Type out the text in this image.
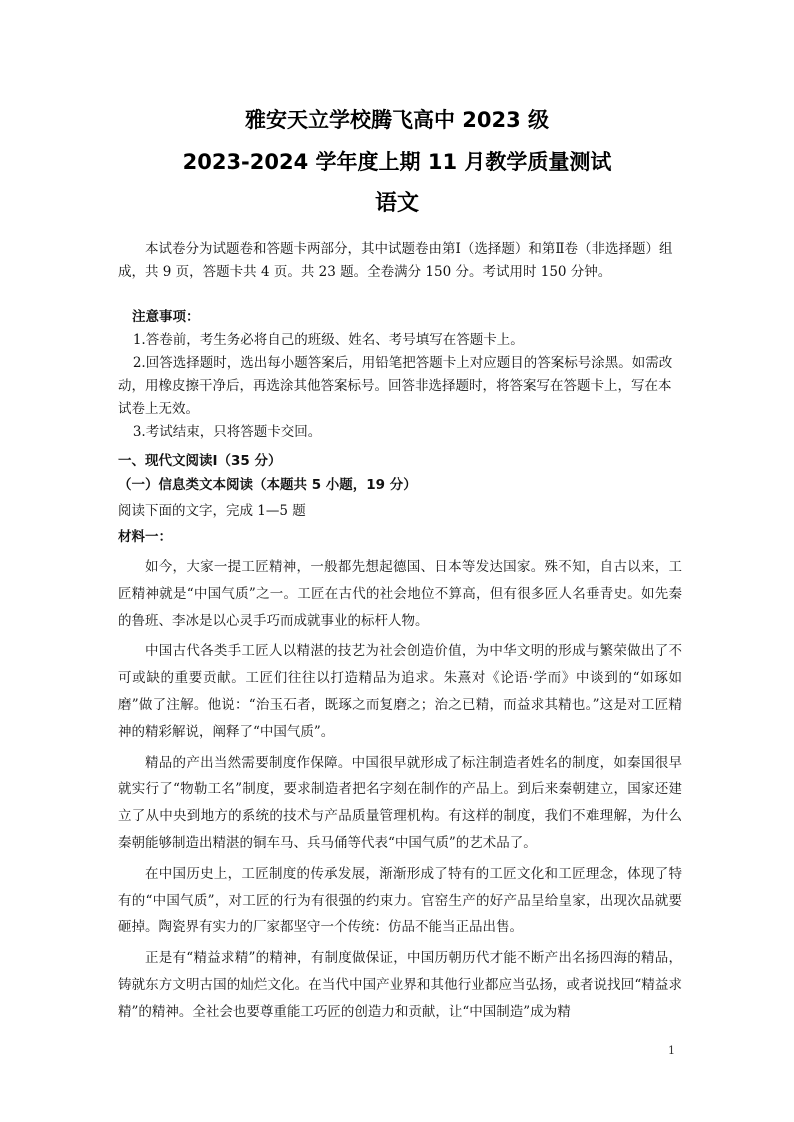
雅安天立学校腾飞高中 2023 级
2023-2024 学年度上期 11 月教学质量测试
语文

本试卷分为试题卷和答题卡两部分，其中试题卷由第Ⅰ（选择题）和第Ⅱ卷（非选择题）组成，共 9 页，答题卡共 4 页。共 23 题。全卷满分 150 分。考试用时 150 分钟。

注意事项：

1.答卷前，考生务必将自己的班级、姓名、考号填写在答题卡上。
2.回答选择题时，选出每小题答案后，用铅笔把答题卡上对应题目的答案标号涂黑。如需改动，用橡皮擦干净后，再选涂其他答案标号。回答非选择题时，将答案写在答题卡上，写在本试卷上无效。
3.考试结束，只将答题卡交回。

一、现代文阅读Ⅰ（35 分）

（一）信息类文本阅读（本题共 5 小题，19 分）

阅读下面的文字，完成 1—5 题

材料一：

如今，大家一提工匠精神，一般都先想起德国、日本等发达国家。殊不知，自古以来，工匠精神就是“中国气质”之一。工匠在古代的社会地位不算高，但有很多匠人名垂青史。如先秦的鲁班、李冰是以心灵手巧而成就事业的标杆人物。

中国古代各类手工匠人以精湛的技艺为社会创造价值，为中华文明的形成与繁荣做出了不可或缺的重要贡献。工匠们往往以打造精品为追求。朱熹对《论语·学而》中谈到的“如琢如磨”做了注解。他说：“治玉石者，既琢之而复磨之；治之已精，而益求其精也。”这是对工匠精神的精彩解说，阐释了“中国气质”。

精品的产出当然需要制度作保障。中国很早就形成了标注制造者姓名的制度，如秦国很早就实行了“物勒工名”制度，要求制造者把名字刻在制作的产品上。到后来秦朝建立，国家还建立了从中央到地方的系统的技术与产品质量管理机构。有这样的制度，我们不难理解，为什么秦朝能够制造出精湛的铜车马、兵马俑等代表“中国气质”的艺术品了。

在中国历史上，工匠制度的传承发展，渐渐形成了特有的工匠文化和工匠理念，体现了特有的“中国气质”，对工匠的行为有很强的约束力。官窑生产的好产品呈给皇家，出现次品就要砸掉。陶瓷界有实力的厂家都坚守一个传统：仿品不能当正品出售。

正是有“精益求精”的精神，有制度做保证，中国历朝历代才能不断产出名扬四海的精品，铸就东方文明古国的灿烂文化。在当代中国产业界和其他行业都应当弘扬，或者说找回“精益求精”的精神。全社会也要尊重能工巧匠的创造力和贡献，让“中国制造”成为精

1
